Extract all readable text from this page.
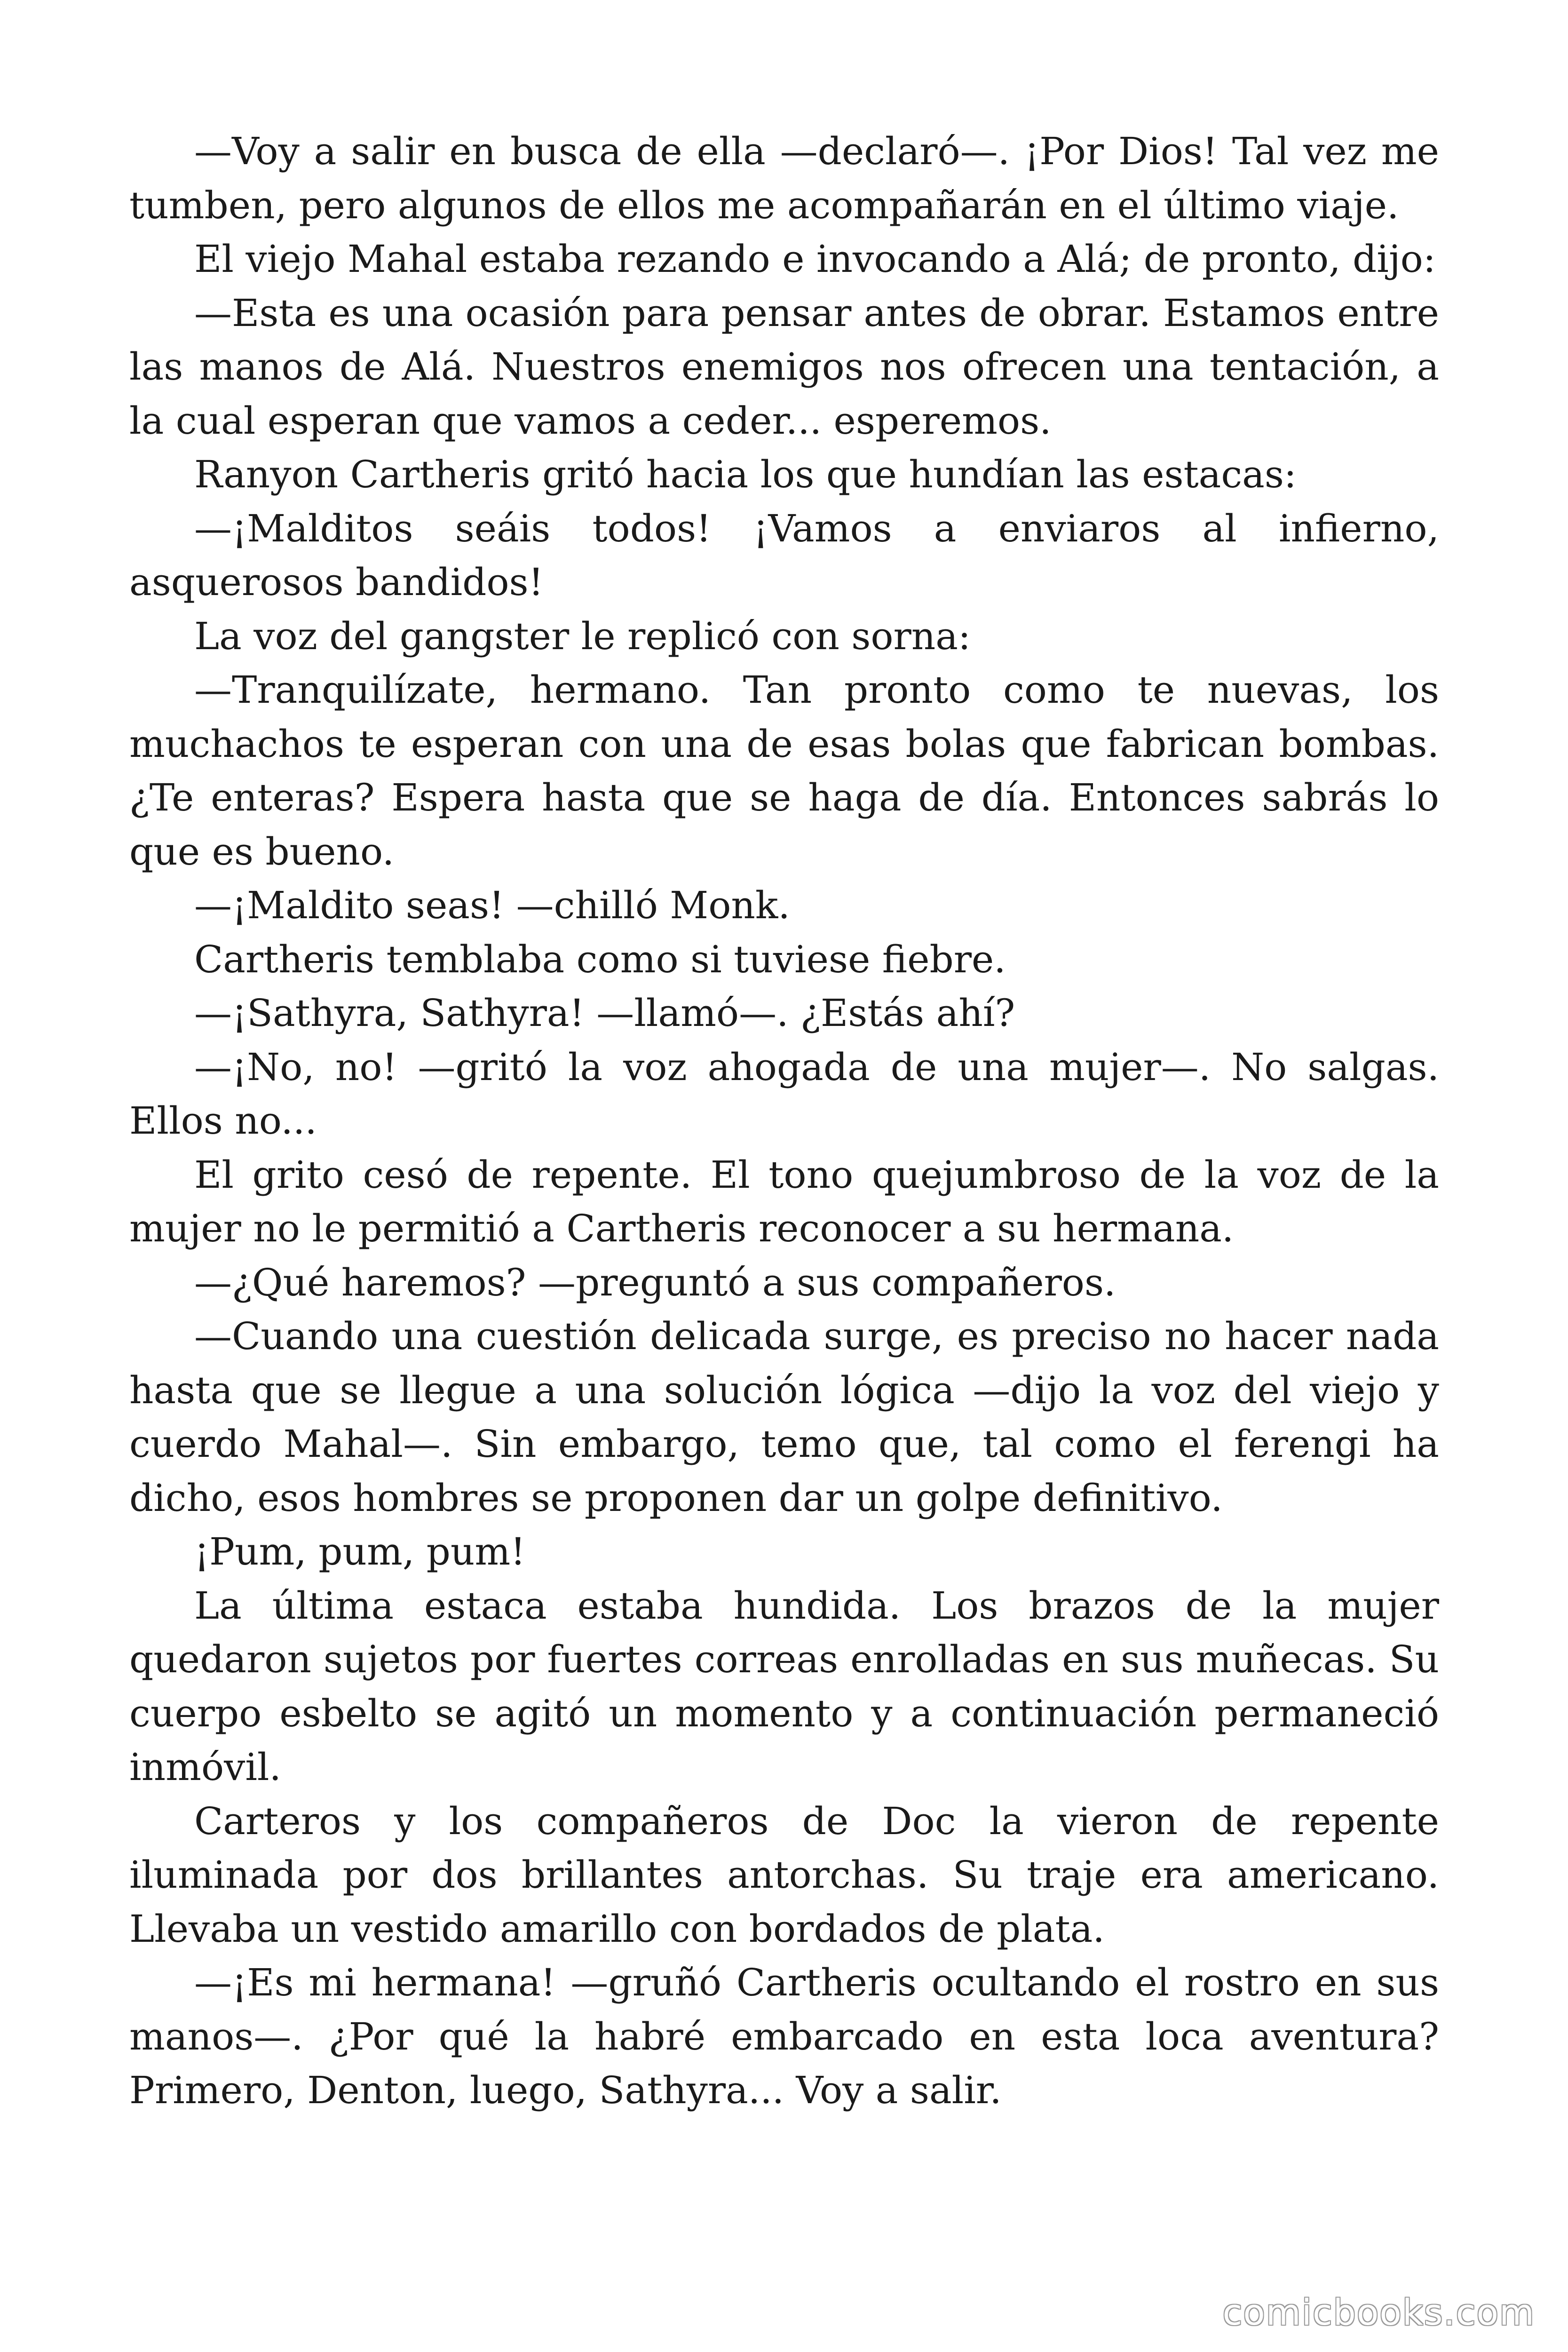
—Voy a salir en busca de ella —declaró—. ¡Por Dios! Tal vez me tumben, pero algunos de ellos me acompañarán en el último viaje.

El viejo Mahal estaba rezando e invocando a Alá; de pronto, dijo:

—Esta es una ocasión para pensar antes de obrar. Estamos entre las manos de Alá. Nuestros enemigos nos ofrecen una tentación, a la cual esperan que vamos a ceder... esperemos.

Ranyon Cartheris gritó hacia los que hundían las estacas:

—¡Malditos seáis todos! ¡Vamos a enviaros al infierno, asquerosos bandidos!

La voz del gangster le replicó con sorna:

—Tranquilízate, hermano. Tan pronto como te nuevas, los muchachos te esperan con una de esas bolas que fabrican bombas. ¿Te enteras? Espera hasta que se haga de día. Entonces sabrás lo que es bueno.

—¡Maldito seas! —chilló Monk.

Cartheris temblaba como si tuviese fiebre.

—¡Sathyra, Sathyra! —llamó—. ¿Estás ahí?

—¡No, no! —gritó la voz ahogada de una mujer—. No salgas. Ellos no...

El grito cesó de repente. El tono quejumbroso de la voz de la mujer no le permitió a Cartheris reconocer a su hermana.

—¿Qué haremos? —preguntó a sus compañeros.

—Cuando una cuestión delicada surge, es preciso no hacer nada hasta que se llegue a una solución lógica —dijo la voz del viejo y cuerdo Mahal—. Sin embargo, temo que, tal como el ferengi ha dicho, esos hombres se proponen dar un golpe definitivo.

¡Pum, pum, pum!

La última estaca estaba hundida. Los brazos de la mujer quedaron sujetos por fuertes correas enrolladas en sus muñecas. Su cuerpo esbelto se agitó un momento y a continuación permaneció inmóvil.

Carteros y los compañeros de Doc la vieron de repente iluminada por dos brillantes antorchas. Su traje era americano. Llevaba un vestido amarillo con bordados de plata.

—¡Es mi hermana! —gruñó Cartheris ocultando el rostro en sus manos—. ¿Por qué la habré embarcado en esta loca aventura? Primero, Denton, luego, Sathyra... Voy a salir.

comicbooks.com
